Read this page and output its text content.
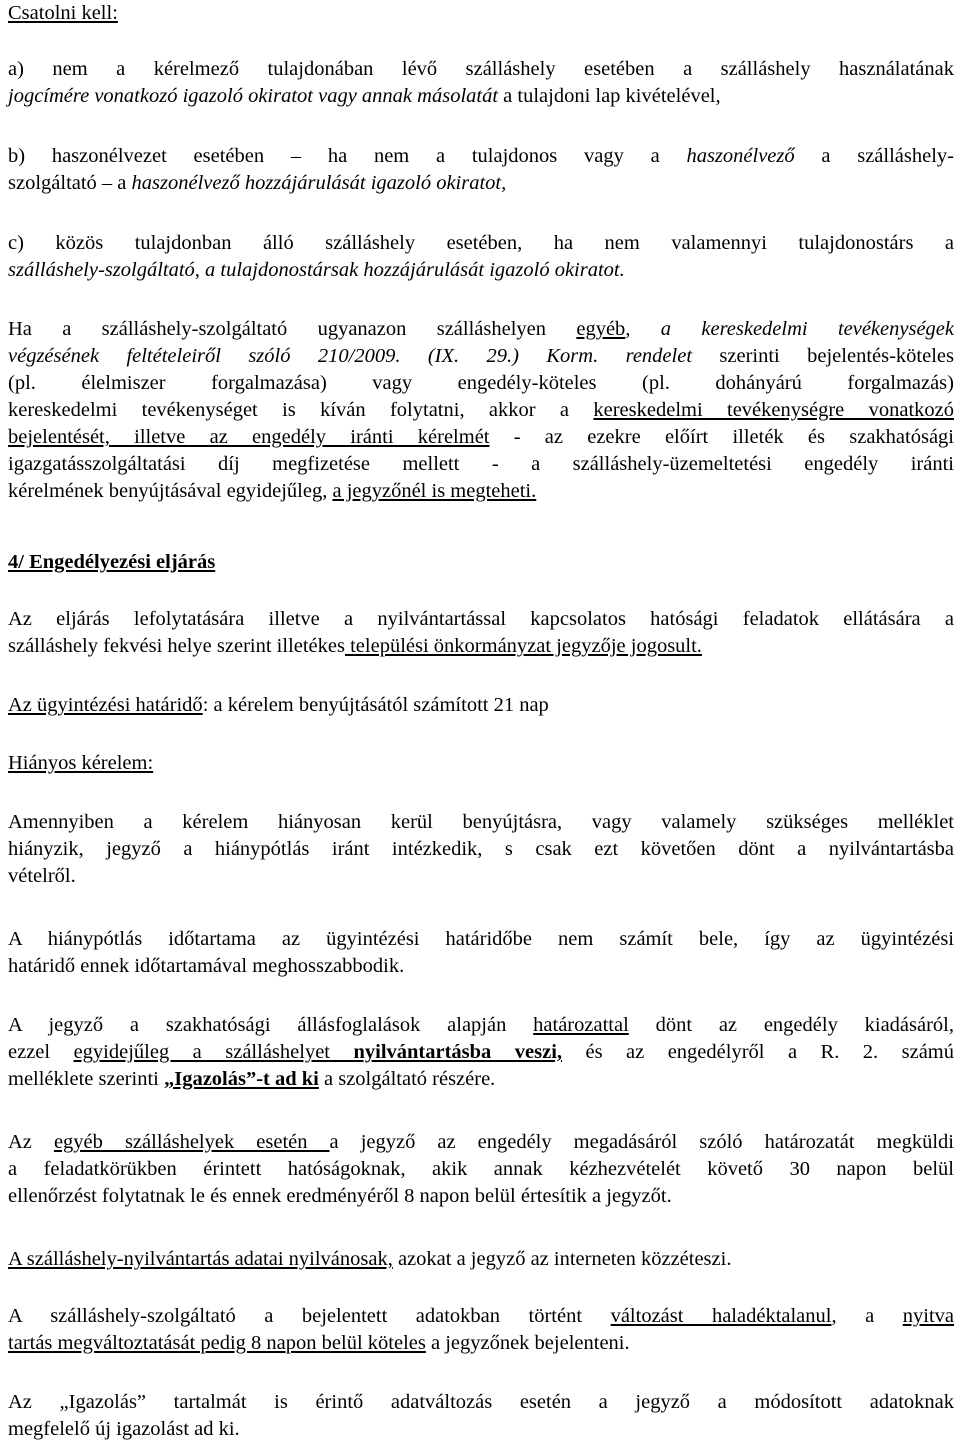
Csatolni kell:
a) nem a kérelmező tulajdonában lévő szálláshely esetében a szálláshely használatának
jogcímére vonatkozó igazoló okiratot vagy annak másolatát a tulajdoni lap kivételével,
b) haszonélvezet esetében – ha nem a tulajdonos vagy a haszonélvező a szálláshely-
szolgáltató – a haszonélvező hozzájárulását igazoló okiratot,
c) közös tulajdonban álló szálláshely esetében, ha nem valamennyi tulajdonostárs a
szálláshely-szolgáltató, a tulajdonostársak hozzájárulását igazoló okiratot.
Ha a szálláshely-szolgáltató ugyanazon szálláshelyen egyéb, a kereskedelmi tevékenységek
végzésének feltételeiről szóló 210/2009. (IX. 29.) Korm. rendelet szerinti bejelentés-köteles
(pl. élelmiszer forgalmazása) vagy engedély-köteles (pl. dohányárú forgalmazás)
kereskedelmi tevékenységet is kíván folytatni, akkor a kereskedelmi tevékenységre vonatkozó
bejelentését, illetve az engedély iránti kérelmét - az ezekre előírt illeték és szakhatósági
igazgatásszolgáltatási díj megfizetése mellett - a szálláshely-üzemeltetési engedély iránti
kérelmének benyújtásával egyidejűleg, a jegyzőnél is megteheti.
4/ Engedélyezési eljárás
Az eljárás lefolytatására illetve a nyilvántartással kapcsolatos hatósági feladatok ellátására a
szálláshely fekvési helye szerint illetékes települési önkormányzat jegyzője jogosult.
Az ügyintézési határidő: a kérelem benyújtásától számított 21 nap
Hiányos kérelem:
Amennyiben a kérelem hiányosan kerül benyújtásra, vagy valamely szükséges melléklet
hiányzik, jegyző a hiánypótlás iránt intézkedik, s csak ezt követően dönt a nyilvántartásba
vételről.
A hiánypótlás időtartama az ügyintézési határidőbe nem számít bele, így az ügyintézési
határidő ennek időtartamával meghosszabbodik.
A jegyző a szakhatósági állásfoglalások alapján határozattal dönt az engedély kiadásáról,
ezzel egyidejűleg a szálláshelyet nyilvántartásba veszi, és az engedélyről a R. 2. számú
melléklete szerinti „Igazolás”-t ad ki a szolgáltató részére.
Az egyéb szálláshelyek esetén a jegyző az engedély megadásáról szóló határozatát megküldi
a feladatkörükben érintett hatóságoknak, akik annak kézhezvételét követő 30 napon belül
ellenőrzést folytatnak le és ennek eredményéről 8 napon belül értesítik a jegyzőt.
A szálláshely-nyilvántartás adatai nyilvánosak, azokat a jegyző az interneten közzéteszi.
A szálláshely-szolgáltató a bejelentett adatokban történt változást haladéktalanul, a nyitva
tartás megváltoztatását pedig 8 napon belül köteles a jegyzőnek bejelenteni.
Az „Igazolás” tartalmát is érintő adatváltozás esetén a jegyző a módosított adatoknak
megfelelő új igazolást ad ki.
